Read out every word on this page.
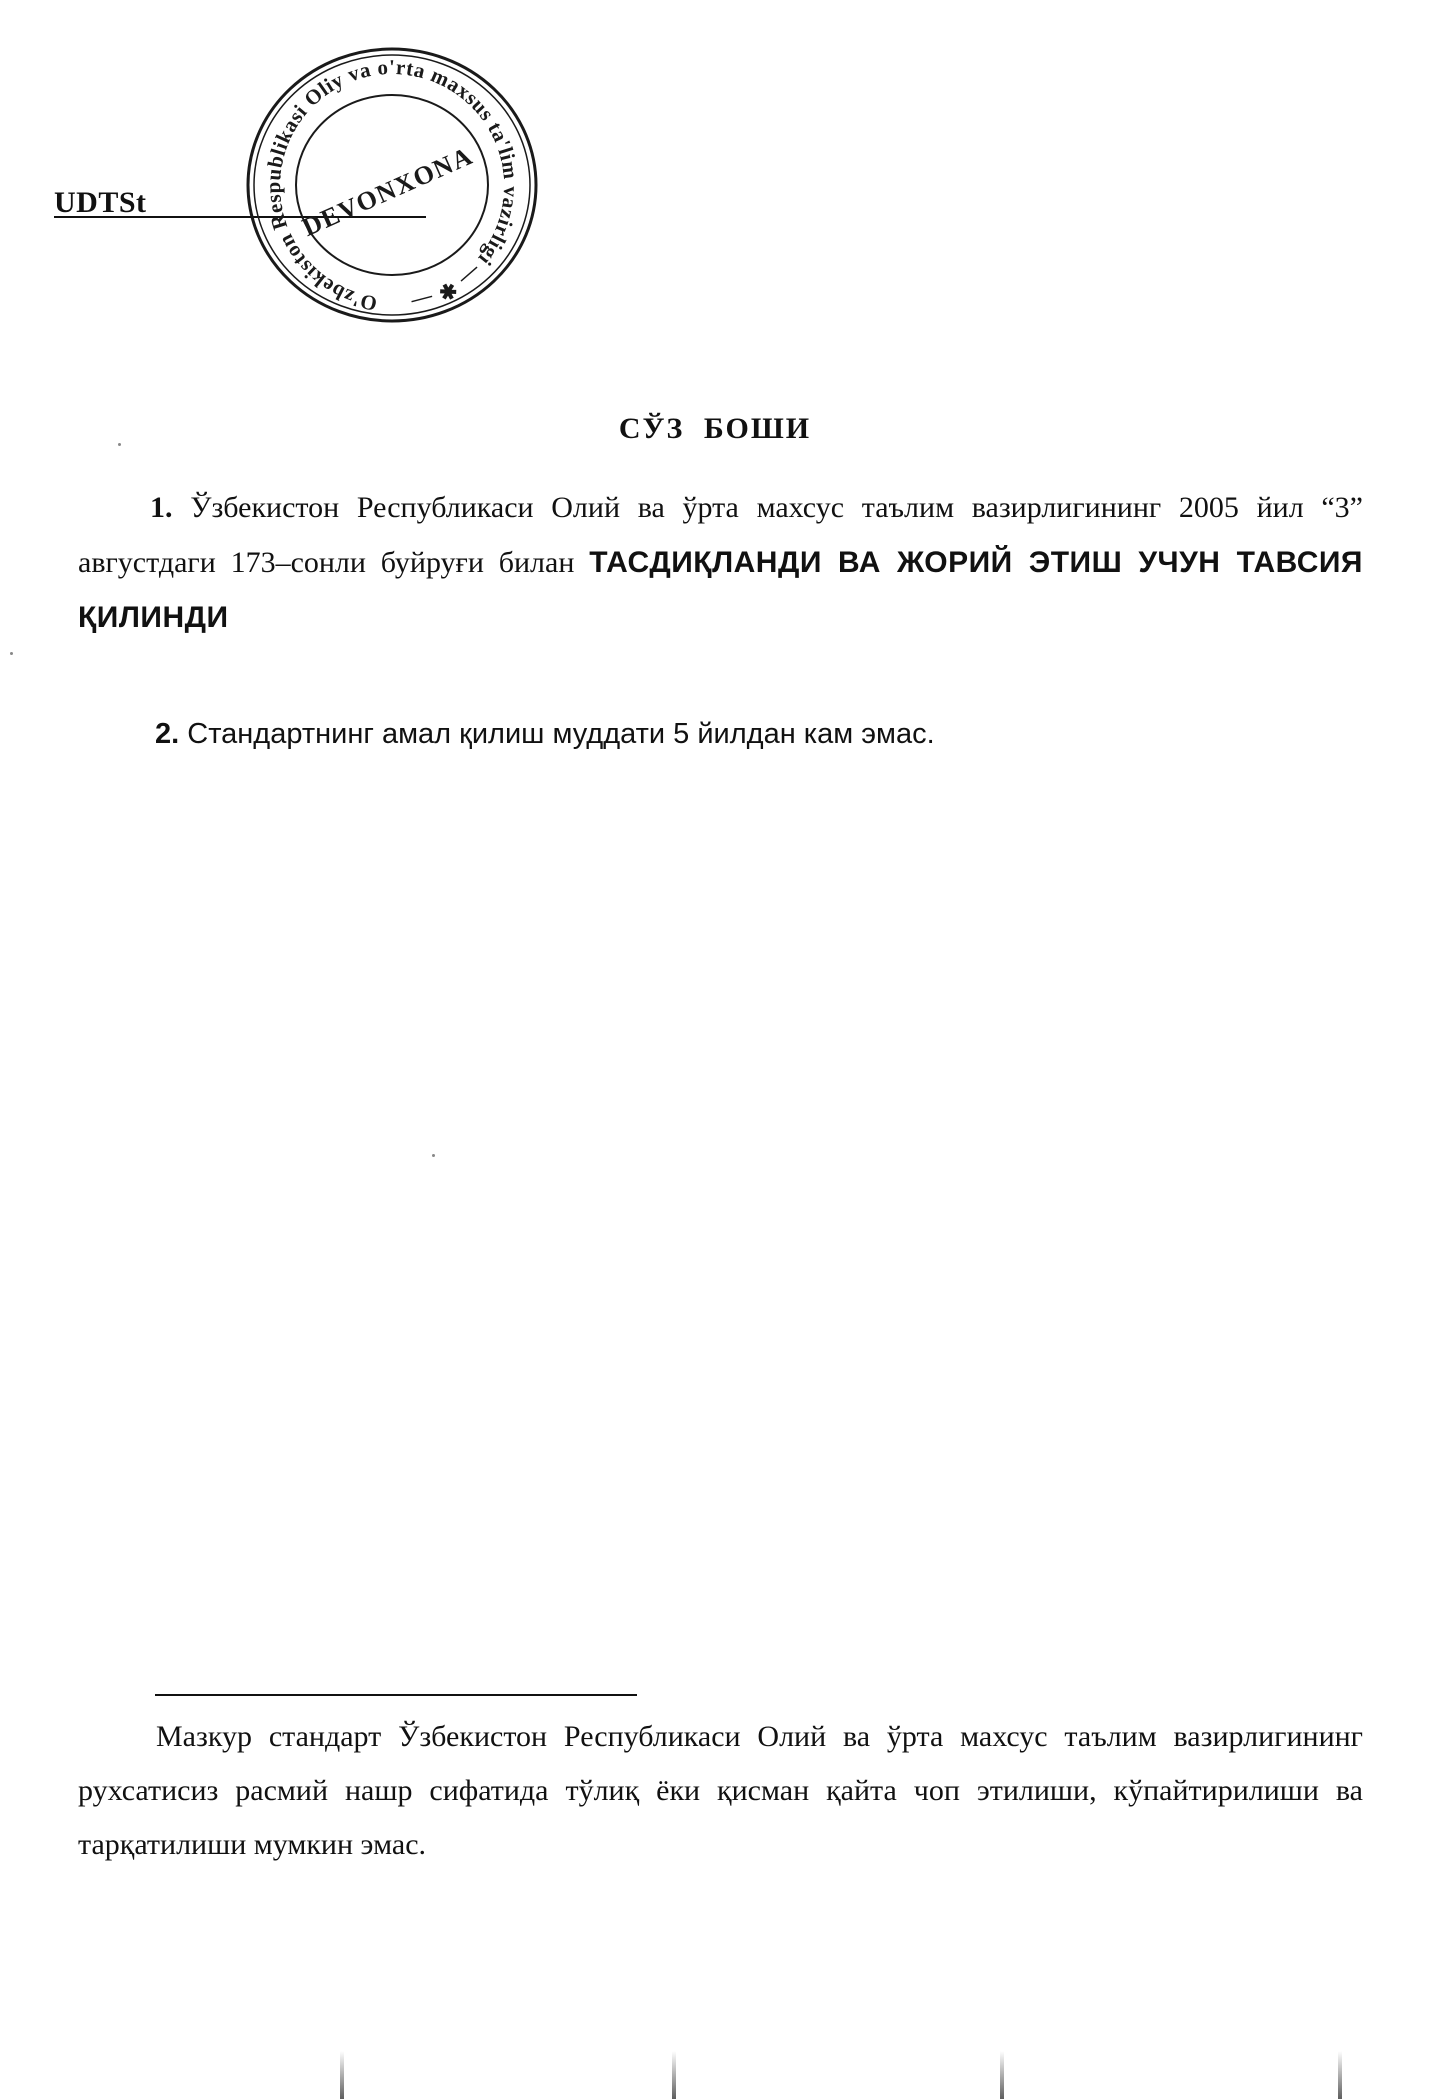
UDTSt
O'zbekiston Respublikasi Oliy va o'rta maxsus ta'lim vazirligi — ✱ —
DEVONXONA
СЎЗ БОШИ
1. Ўзбекистон Республикаси Олий ва ўрта махсус таълим вазирлигининг 2005 йил “3” августдаги 173–сонли буйруғи билан ТАСДИҚЛАНДИ ВА ЖОРИЙ ЭТИШ УЧУН ТАВСИЯ ҚИЛИНДИ
2. Стандартнинг амал қилиш муддати 5 йилдан кам эмас.
Мазкур стандарт Ўзбекистон Республикаси Олий ва ўрта махсус таълим вазирлигининг рухсатисиз расмий нашр сифатида тўлиқ ёки қисман қайта чоп этилиши, кўпайтирилиши ва тарқатилиши мумкин эмас.
